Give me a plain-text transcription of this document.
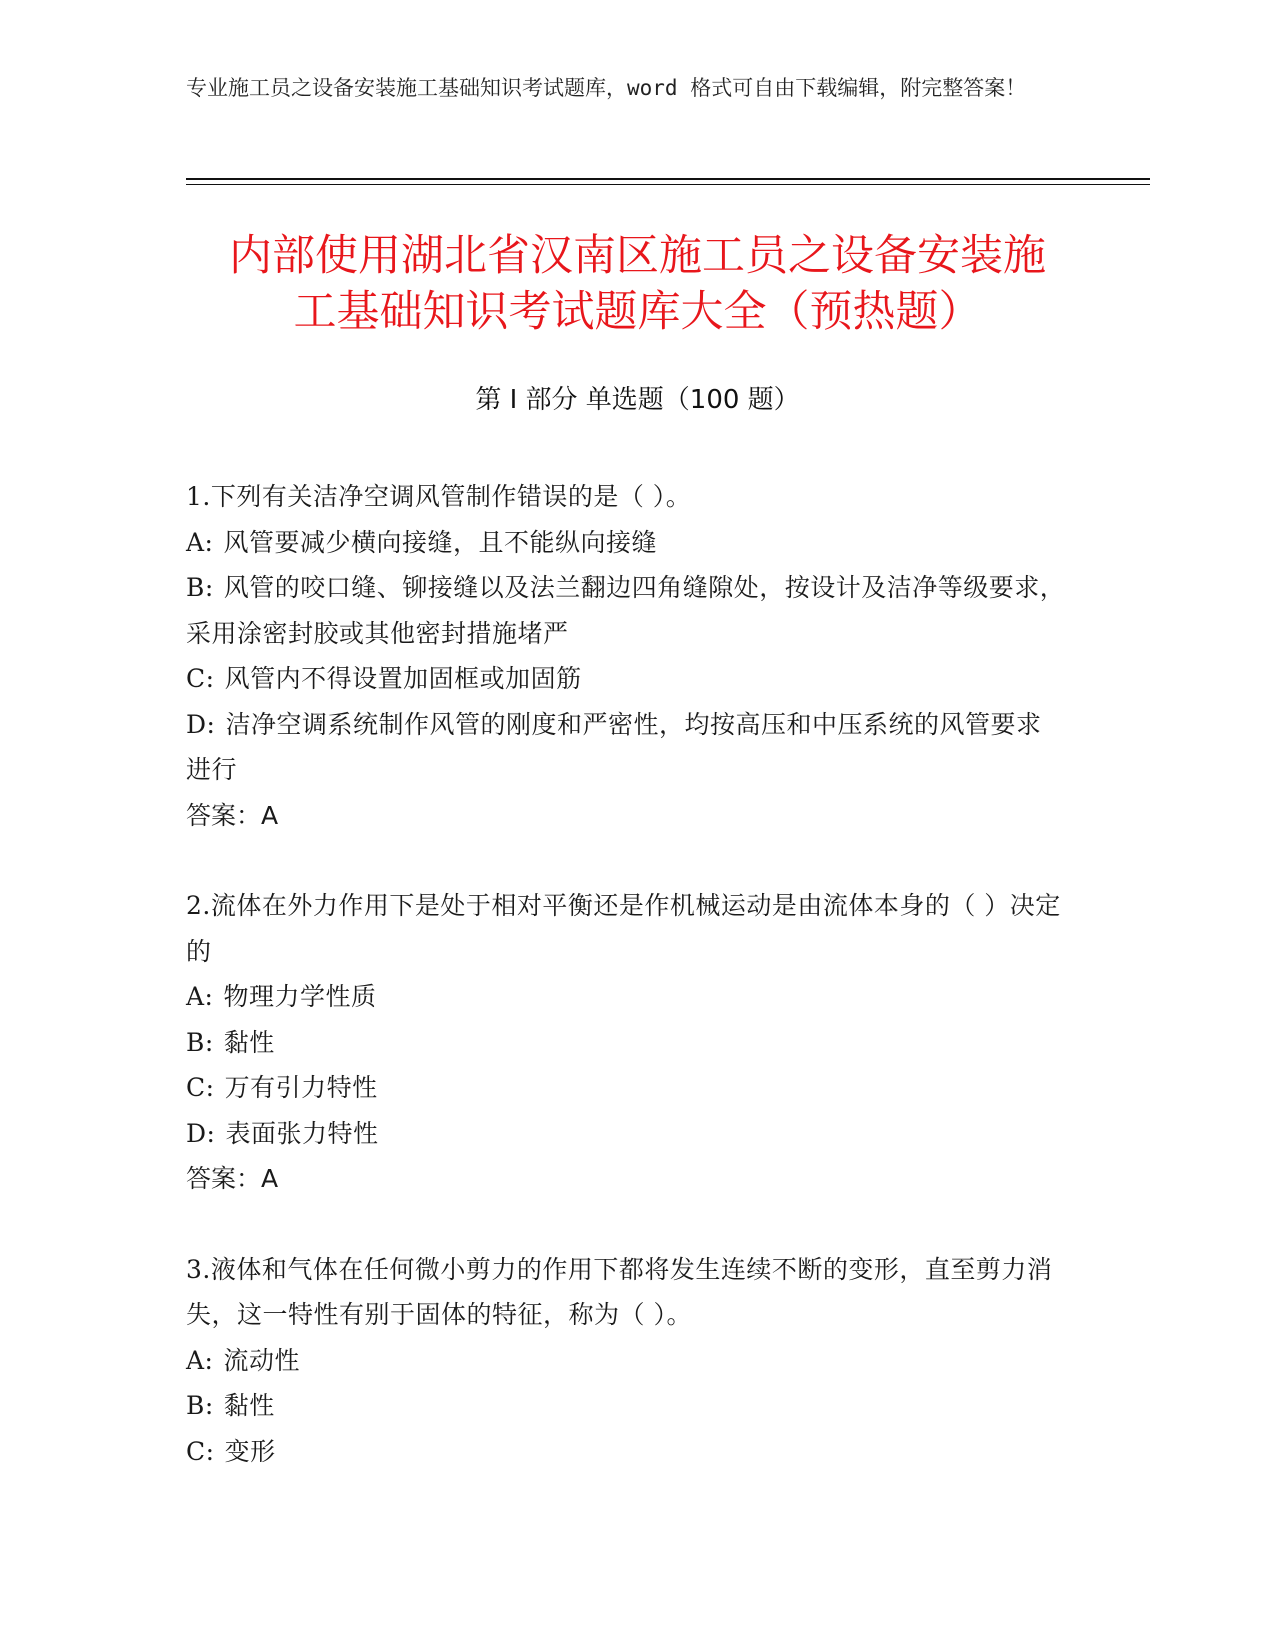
专业施工员之设备安装施工基础知识考试题库，word 格式可自由下载编辑，附完整答案！
内部使用湖北省汉南区施工员之设备安装施
工基础知识考试题库大全（预热题）
第 I 部分 单选题（100 题）

1.下列有关洁净空调风管制作错误的是（ ）。

A: 风管要减少横向接缝，且不能纵向接缝

B: 风管的咬口缝、铆接缝以及法兰翻边四角缝隙处，按设计及洁净等级要求，采用涂密封胶或其他密封措施堵严

C: 风管内不得设置加固框或加固筋

D: 洁净空调系统制作风管的刚度和严密性，均按高压和中压系统的风管要求进行

答案：A

2.流体在外力作用下是处于相对平衡还是作机械运动是由流体本身的（ ）决定的

A: 物理力学性质

B: 黏性

C: 万有引力特性

D: 表面张力特性

答案：A

3.液体和气体在任何微小剪力的作用下都将发生连续不断的变形，直至剪力消失，这一特性有别于固体的特征，称为（ ）。

A: 流动性

B: 黏性

C: 变形
